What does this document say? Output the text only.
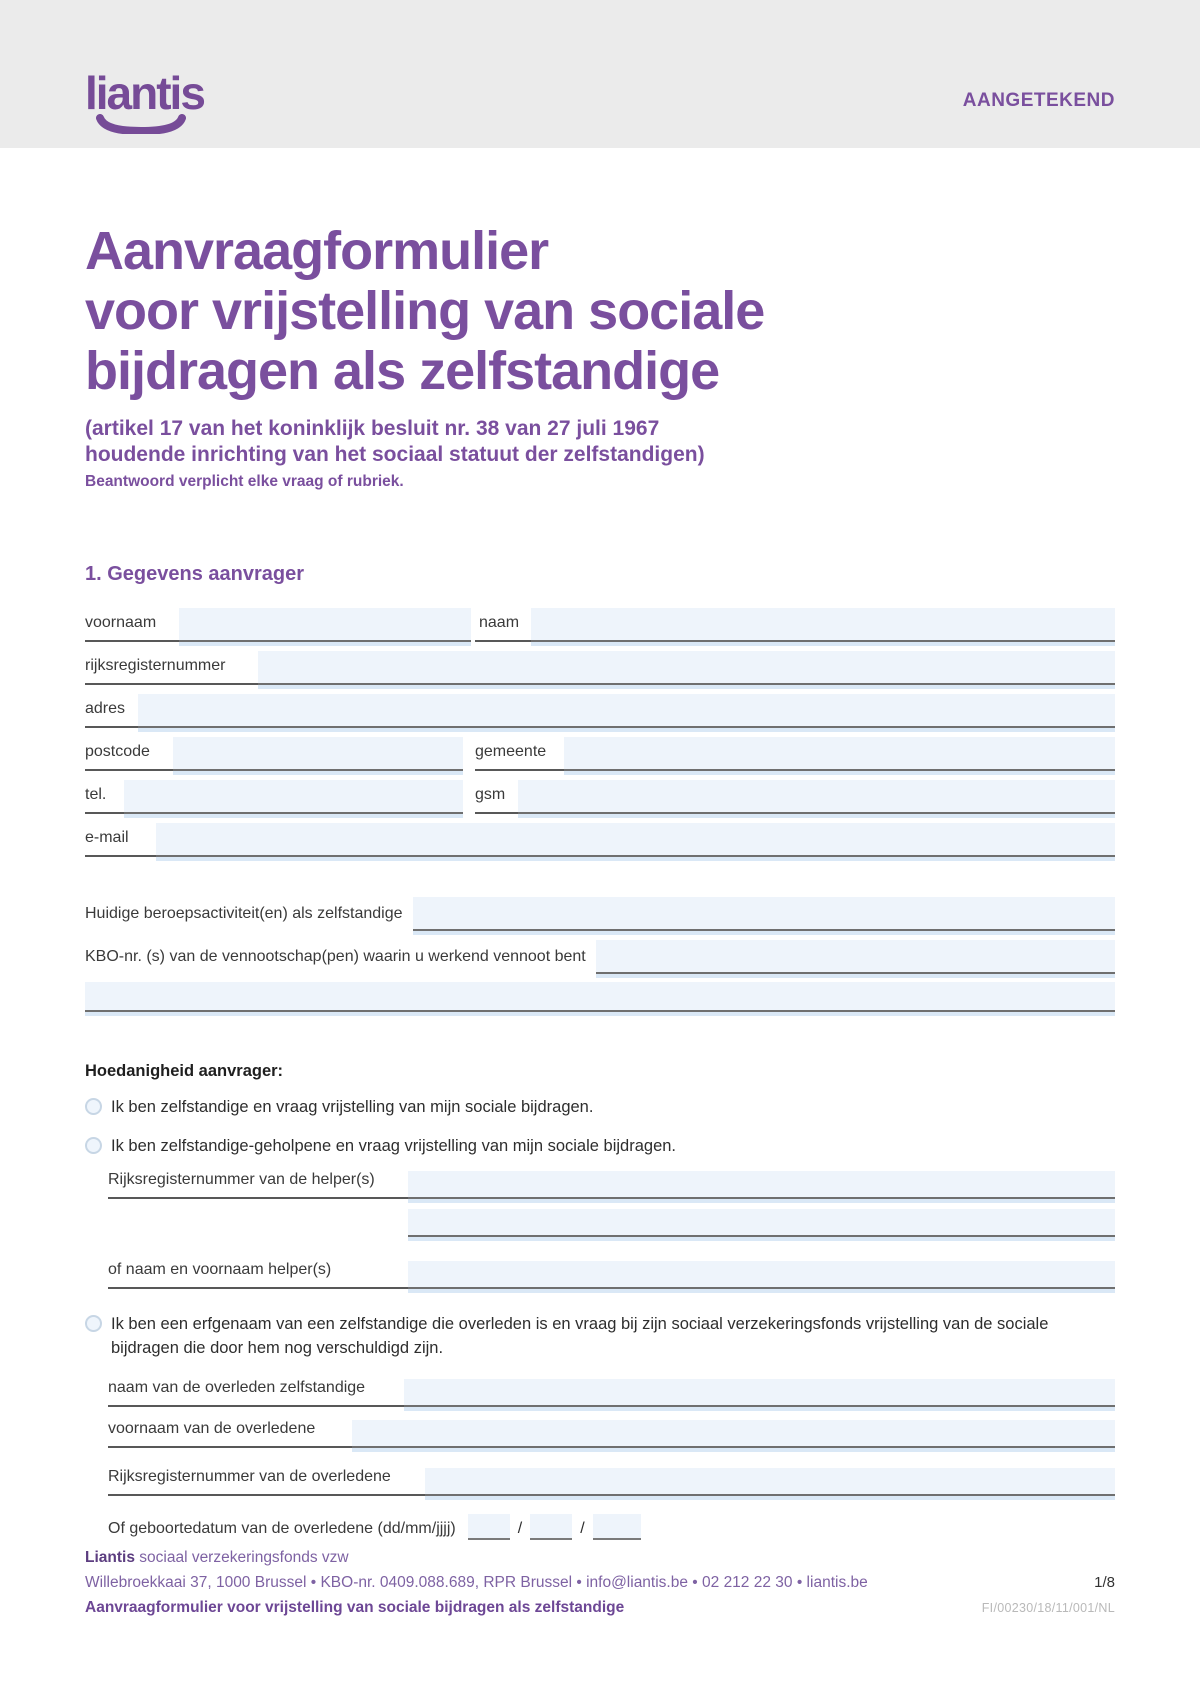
liantis	AANGETEKEND
Aanvraagformulier
voor vrijstelling van sociale
bijdragen als zelfstandige
(artikel 17 van het koninklijk besluit nr. 38 van 27 juli 1967
houdende inrichting van het sociaal statuut der zelfstandigen)
Beantwoord verplicht elke vraag of rubriek.
1. Gegevens aanvrager
voornaam	naam
rijksregisternummer
adres
postcode	gemeente
tel.	gsm
e-mail
Huidige beroepsactiviteit(en) als zelfstandige
KBO-nr. (s) van de vennootschap(pen) waarin u werkend vennoot bent
Hoedanigheid aanvrager:
Ik ben zelfstandige en vraag vrijstelling van mijn sociale bijdragen.
Ik ben zelfstandige-geholpene en vraag vrijstelling van mijn sociale bijdragen.
Rijksregisternummer van de helper(s)
of naam en voornaam helper(s)
Ik ben een erfgenaam van een zelfstandige die overleden is en vraag bij zijn sociaal verzekeringsfonds vrijstelling van de sociale bijdragen die door hem nog verschuldigd zijn.
naam van de overleden zelfstandige
voornaam van de overledene
Rijksregisternummer van de overledene
Of geboortedatum van de overledene (dd/mm/jjjj)	/	/
Liantis sociaal verzekeringsfonds vzw
Willebroekkaai 37, 1000 Brussel • KBO-nr. 0409.088.689, RPR Brussel • info@liantis.be • 02 212 22 30 • liantis.be	1/8
Aanvraagformulier voor vrijstelling van sociale bijdragen als zelfstandige	FI/00230/18/11/001/NL
